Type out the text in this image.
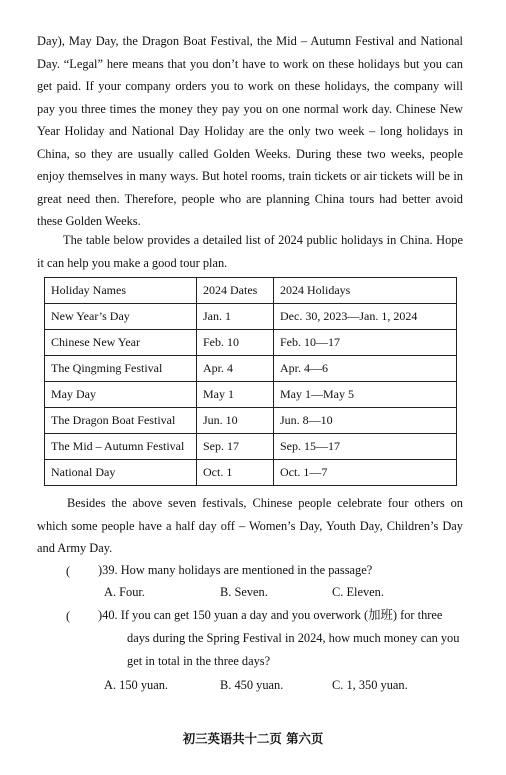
Day), May Day, the Dragon Boat Festival, the Mid – Autumn Festival and National Day. “Legal” here means that you don’t have to work on these holidays but you can get paid. If your company orders you to work on these holidays, the company will pay you three times the money they pay you on one normal work day. Chinese New Year Holiday and National Day Holiday are the only two week – long holidays in China, so they are usually called Golden Weeks. During these two weeks, people enjoy themselves in many ways. But hotel rooms, train tickets or air tickets will be in great need then. Therefore, people who are planning China tours had better avoid these Golden Weeks.

The table below provides a detailed list of 2024 public holidays in China. Hope it can help you make a good tour plan.

Holiday Names	2024 Dates	2024 Holidays
New Year’s Day	Jan. 1	Dec. 30, 2023—Jan. 1, 2024
Chinese New Year	Feb. 10	Feb. 10—17
The Qingming Festival	Apr. 4	Apr. 4—6
May Day	May 1	May 1—May 5
The Dragon Boat Festival	Jun. 10	Jun. 8—10
The Mid – Autumn Festival	Sep. 17	Sep. 15—17
National Day	Oct. 1	Oct. 1—7

Besides the above seven festivals, Chinese people celebrate four others on which some people have a half day off – Women’s Day, Youth Day, Children’s Day and Army Day.

( )39. How many holidays are mentioned in the passage?
A. Four.	B. Seven.	C. Eleven.
( )40. If you can get 150 yuan a day and you overwork (加班) for three
days during the Spring Festival in 2024, how much money can you
get in total in the three days?
A. 150 yuan.	B. 450 yuan.	C. 1, 350 yuan.
初三英语共十二页 第六页
